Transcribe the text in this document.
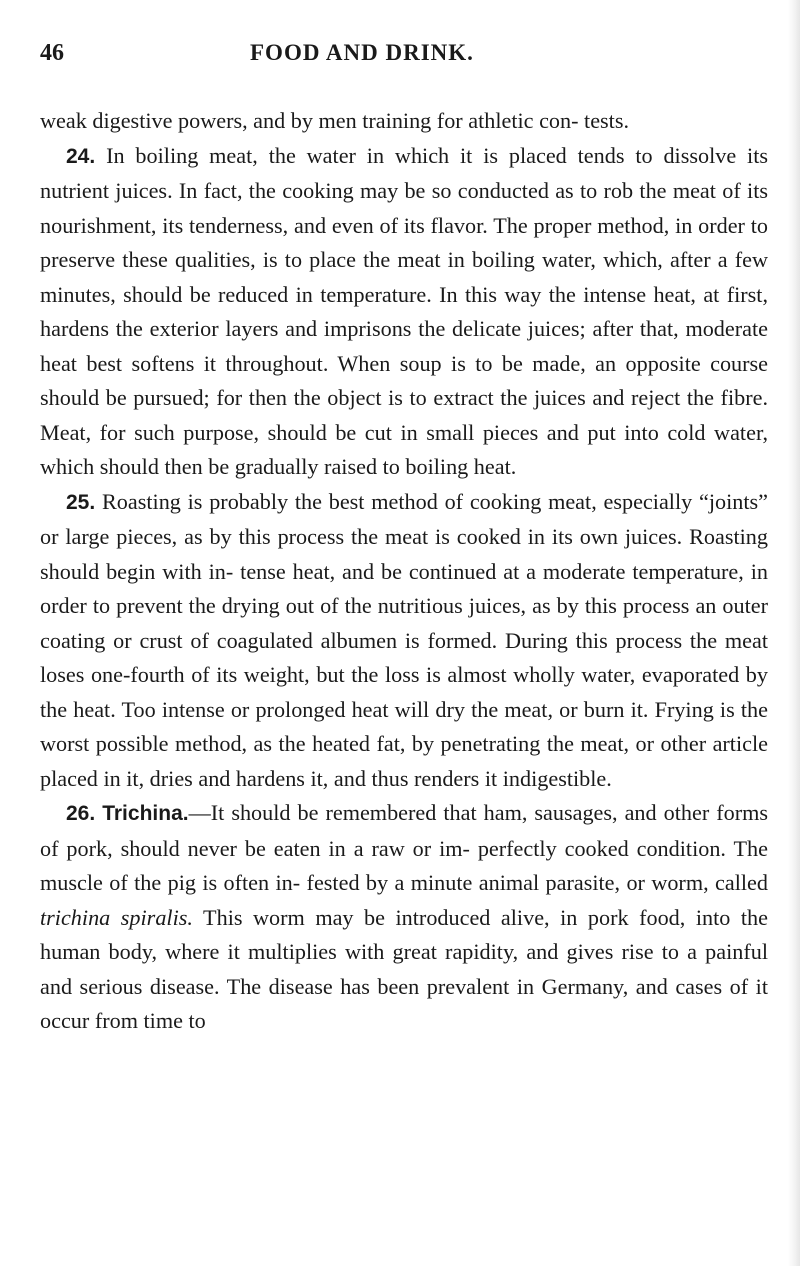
46	FOOD AND DRINK.

weak digestive powers, and by men training for athletic con- tests.

24. In boiling meat, the water in which it is placed tends to dissolve its nutrient juices. In fact, the cooking may be so conducted as to rob the meat of its nourishment, its tenderness, and even of its flavor. The proper method, in order to preserve these qualities, is to place the meat in boiling water, which, after a few minutes, should be reduced in temperature. In this way the intense heat, at first, hardens the exterior layers and imprisons the delicate juices; after that, moderate heat best softens it throughout. When soup is to be made, an opposite course should be pursued; for then the object is to extract the juices and reject the fibre. Meat, for such purpose, should be cut in small pieces and put into cold water, which should then be gradually raised to boiling heat.

25. Roasting is probably the best method of cooking meat, especially “joints” or large pieces, as by this process the meat is cooked in its own juices. Roasting should begin with in- tense heat, and be continued at a moderate temperature, in order to prevent the drying out of the nutritious juices, as by this process an outer coating or crust of coagulated albumen is formed. During this process the meat loses one-fourth of its weight, but the loss is almost wholly water, evaporated by the heat. Too intense or prolonged heat will dry the meat, or burn it. Frying is the worst possible method, as the heated fat, by penetrating the meat, or other article placed in it, dries and hardens it, and thus renders it indigestible.

26. Trichina.—It should be remembered that ham, sausages, and other forms of pork, should never be eaten in a raw or im- perfectly cooked condition. The muscle of the pig is often in- fested by a minute animal parasite, or worm, called trichina spiralis. This worm may be introduced alive, in pork food, into the human body, where it multiplies with great rapidity, and gives rise to a painful and serious disease. The disease has been prevalent in Germany, and cases of it occur from time to
